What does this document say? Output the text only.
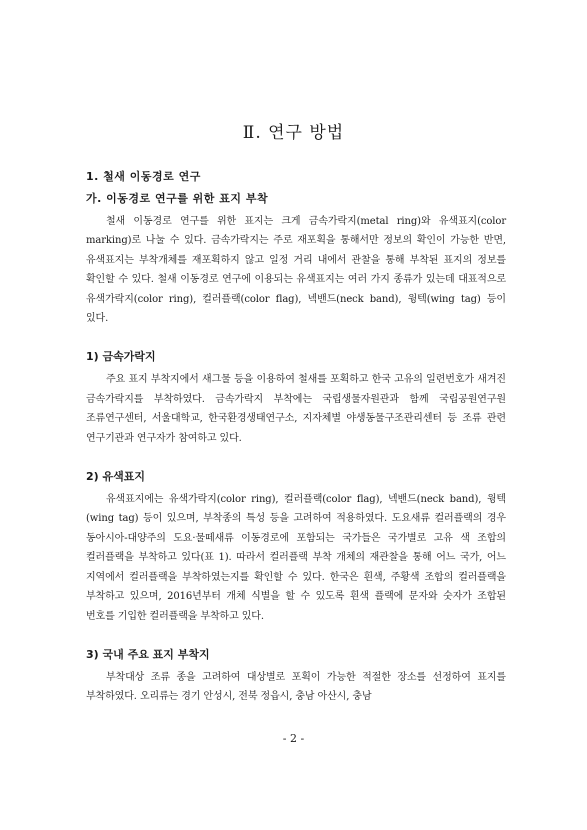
Ⅱ. 연구 방법
1. 철새 이동경로 연구
가. 이동경로 연구를 위한 표지 부착

철새 이동경로 연구를 위한 표지는 크게 금속가락지(metal ring)와 유색표지(color marking)로 나눌 수 있다. 금속가락지는 주로 재포획을 통해서만 정보의 확인이 가능한 반면, 유색표지는 부착개체를 재포획하지 않고 일정 거리 내에서 관찰을 통해 부착된 표지의 정보를 확인할 수 있다. 철새 이동경로 연구에 이용되는 유색표지는 여러 가지 종류가 있는데 대표적으로 유색가락지(color ring), 컬러플랙(color flag), 넥밴드(neck band), 윙텍(wing tag) 등이 있다.

1) 금속가락지

주요 표지 부착지에서 새그물 등을 이용하여 철새를 포획하고 한국 고유의 일련번호가 새겨진 금속가락지를 부착하였다. 금속가락지 부착에는 국립생물자원관과 함께 국립공원연구원 조류연구센터, 서울대학교, 한국환경생태연구소, 지자체별 야생동물구조관리센터 등 조류 관련 연구기관과 연구자가 참여하고 있다.

2) 유색표지

유색표지에는 유색가락지(color ring), 컬러플랙(color flag), 넥밴드(neck band), 윙텍(wing tag) 등이 있으며, 부착종의 특성 등을 고려하여 적용하였다. 도요새류 컬러플랙의 경우 동아시아-대양주의 도요·물떼새류 이동경로에 포함되는 국가들은 국가별로 고유 색 조합의 컬러플랙을 부착하고 있다(표 1). 따라서 컬러플랙 부착 개체의 재관찰을 통해 어느 국가, 어느 지역에서 컬러플랙을 부착하였는지를 확인할 수 있다. 한국은 흰색, 주황색 조합의 컬러플랙을 부착하고 있으며, 2016년부터 개체 식별을 할 수 있도록 흰색 플랙에 문자와 숫자가 조합된 번호를 기입한 컬러플랙을 부착하고 있다.

3) 국내 주요 표지 부착지

부착대상 조류 종을 고려하여 대상별로 포획이 가능한 적절한 장소를 선정하여 표지를 부착하였다. 오리류는 경기 안성시, 전북 정읍시, 충남 아산시, 충남

- 2 -
